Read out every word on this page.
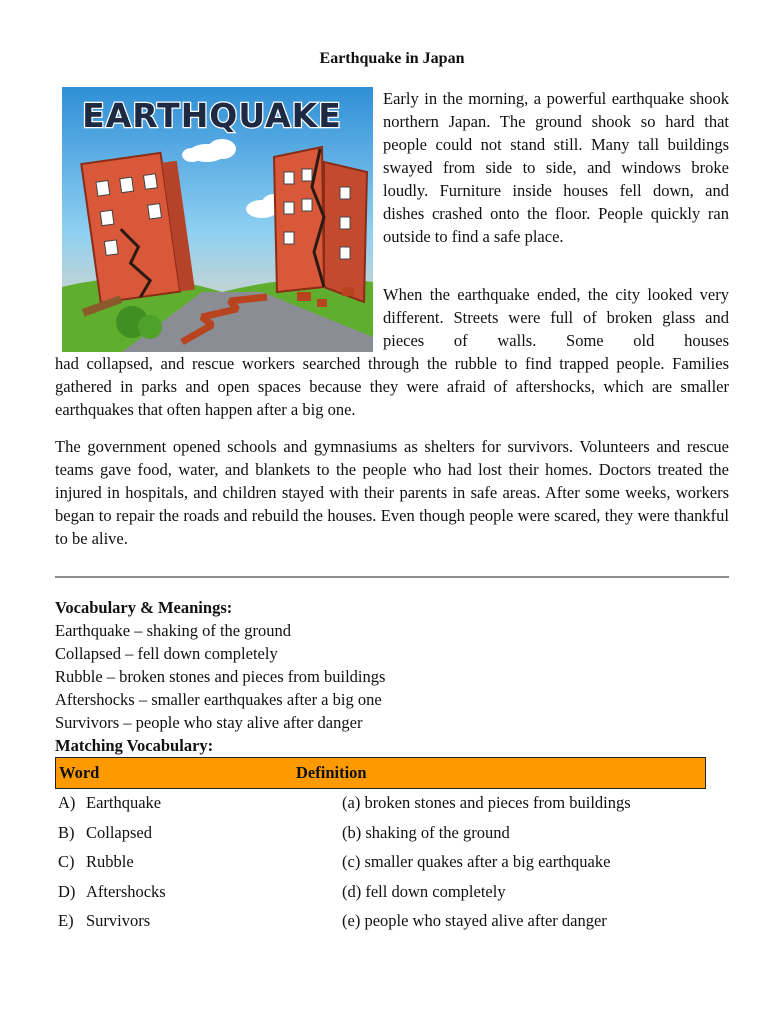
Earthquake in Japan
EARTHQUAKE Early in the morning, a powerful earthquake shook northern Japan. The ground shook so hard that people could not stand still. Many tall buildings swayed from side to side, and windows broke loudly. Furniture inside houses fell down, and dishes crashed onto the floor. People quickly ran outside to find a safe place.

When the earthquake ended, the city looked very different. Streets were full of broken glass and pieces of walls. Some old houses

had collapsed, and rescue workers searched through the rubble to find trapped people. Families gathered in parks and open spaces because they were afraid of aftershocks, which are smaller earthquakes that often happen after a big one.

The government opened schools and gymnasiums as shelters for survivors. Volunteers and rescue teams gave food, water, and blankets to the people who had lost their homes. Doctors treated the injured in hospitals, and children stayed with their parents in safe areas. After some weeks, workers began to repair the roads and rebuild the houses. Even though people were scared, they were thankful to be alive.

Vocabulary & Meanings:
Earthquake – shaking of the ground
Collapsed – fell down completely
Rubble – broken stones and pieces from buildings
Aftershocks – smaller earthquakes after a big one
Survivors – people who stay alive after danger
Matching Vocabulary:
Word	Definition
A) Earthquake	(a) broken stones and pieces from buildings
B) Collapsed	(b) shaking of the ground
C) Rubble	(c) smaller quakes after a big earthquake
D) Aftershocks	(d) fell down completely
E) Survivors	(e) people who stayed alive after danger
